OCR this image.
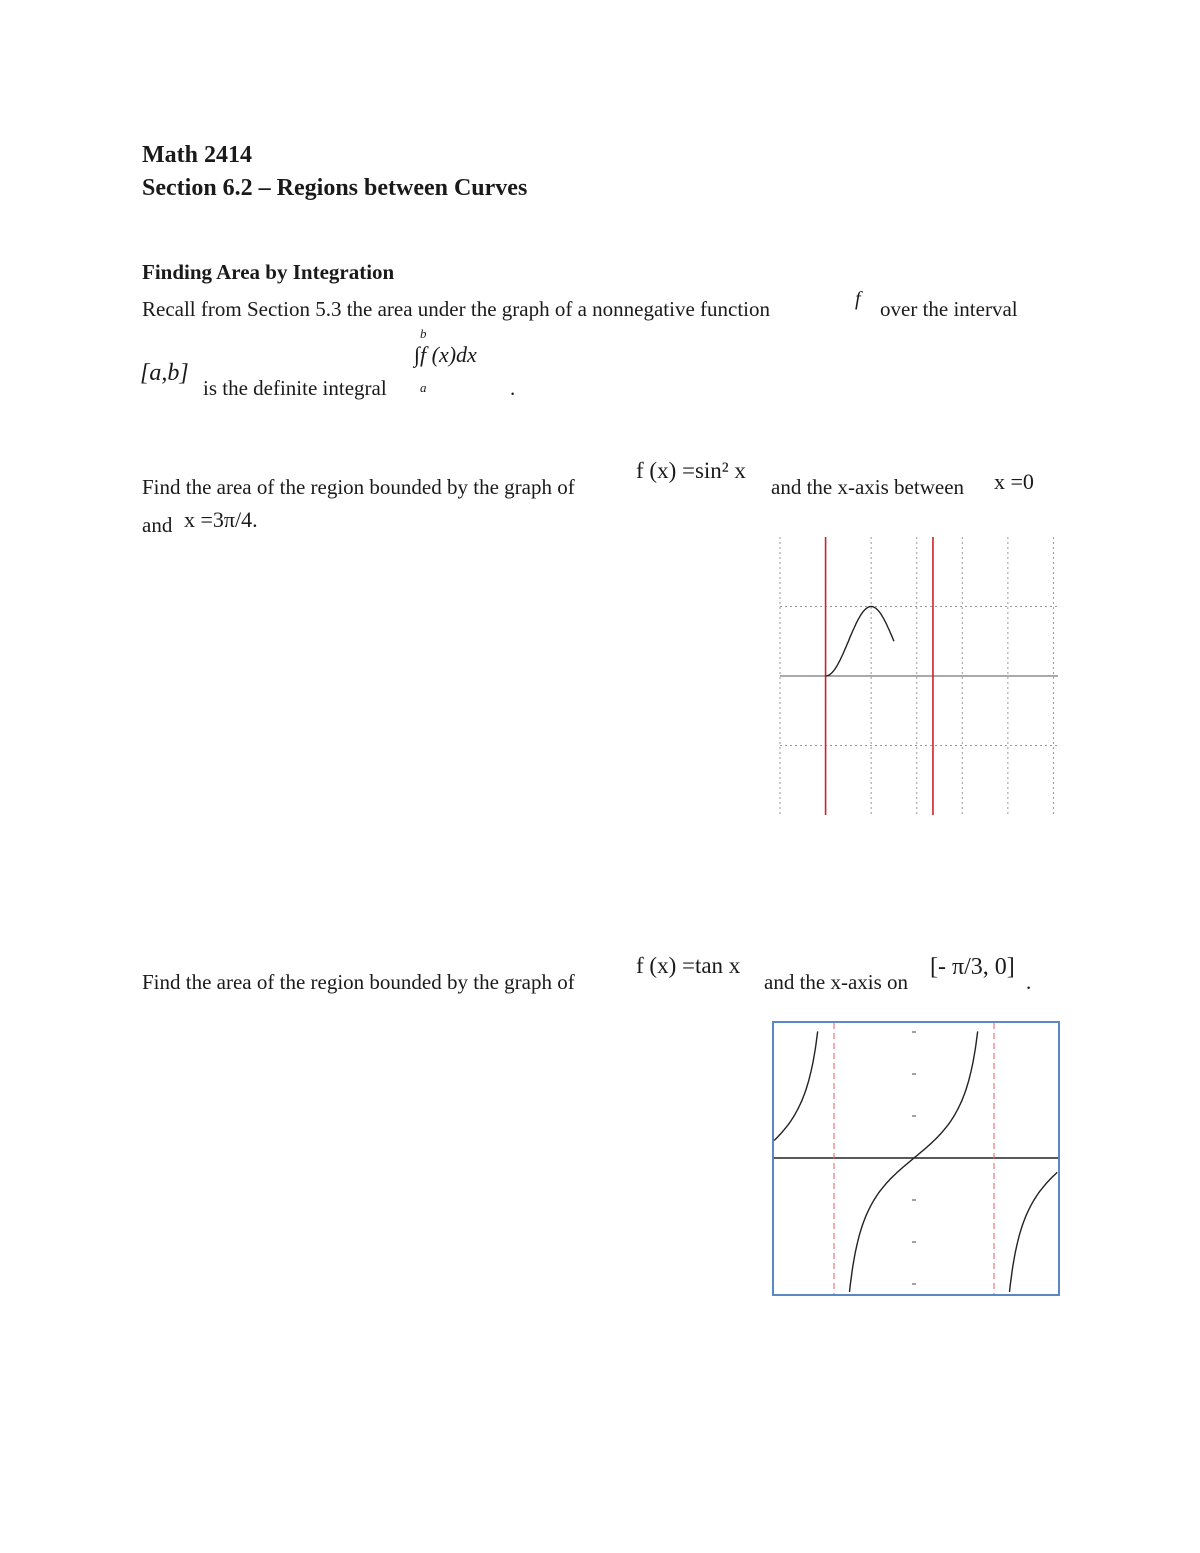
Math 2414
Section 6.2 – Regions between Curves
Finding Area by Integration
Recall from Section 5.3 the area under the graph of a nonnegative function	f over the interval
[a,b]
is the definite integral
b
∫f (x)dx
a	.
Find the area of the region bounded by the graph of
f (x) =sin² x
and the x-axis between x =0
and x =3π/4.
Find the area of the region bounded by the graph of
f (x) =tan x
and the x-axis on
[- π/3, 0]
.
